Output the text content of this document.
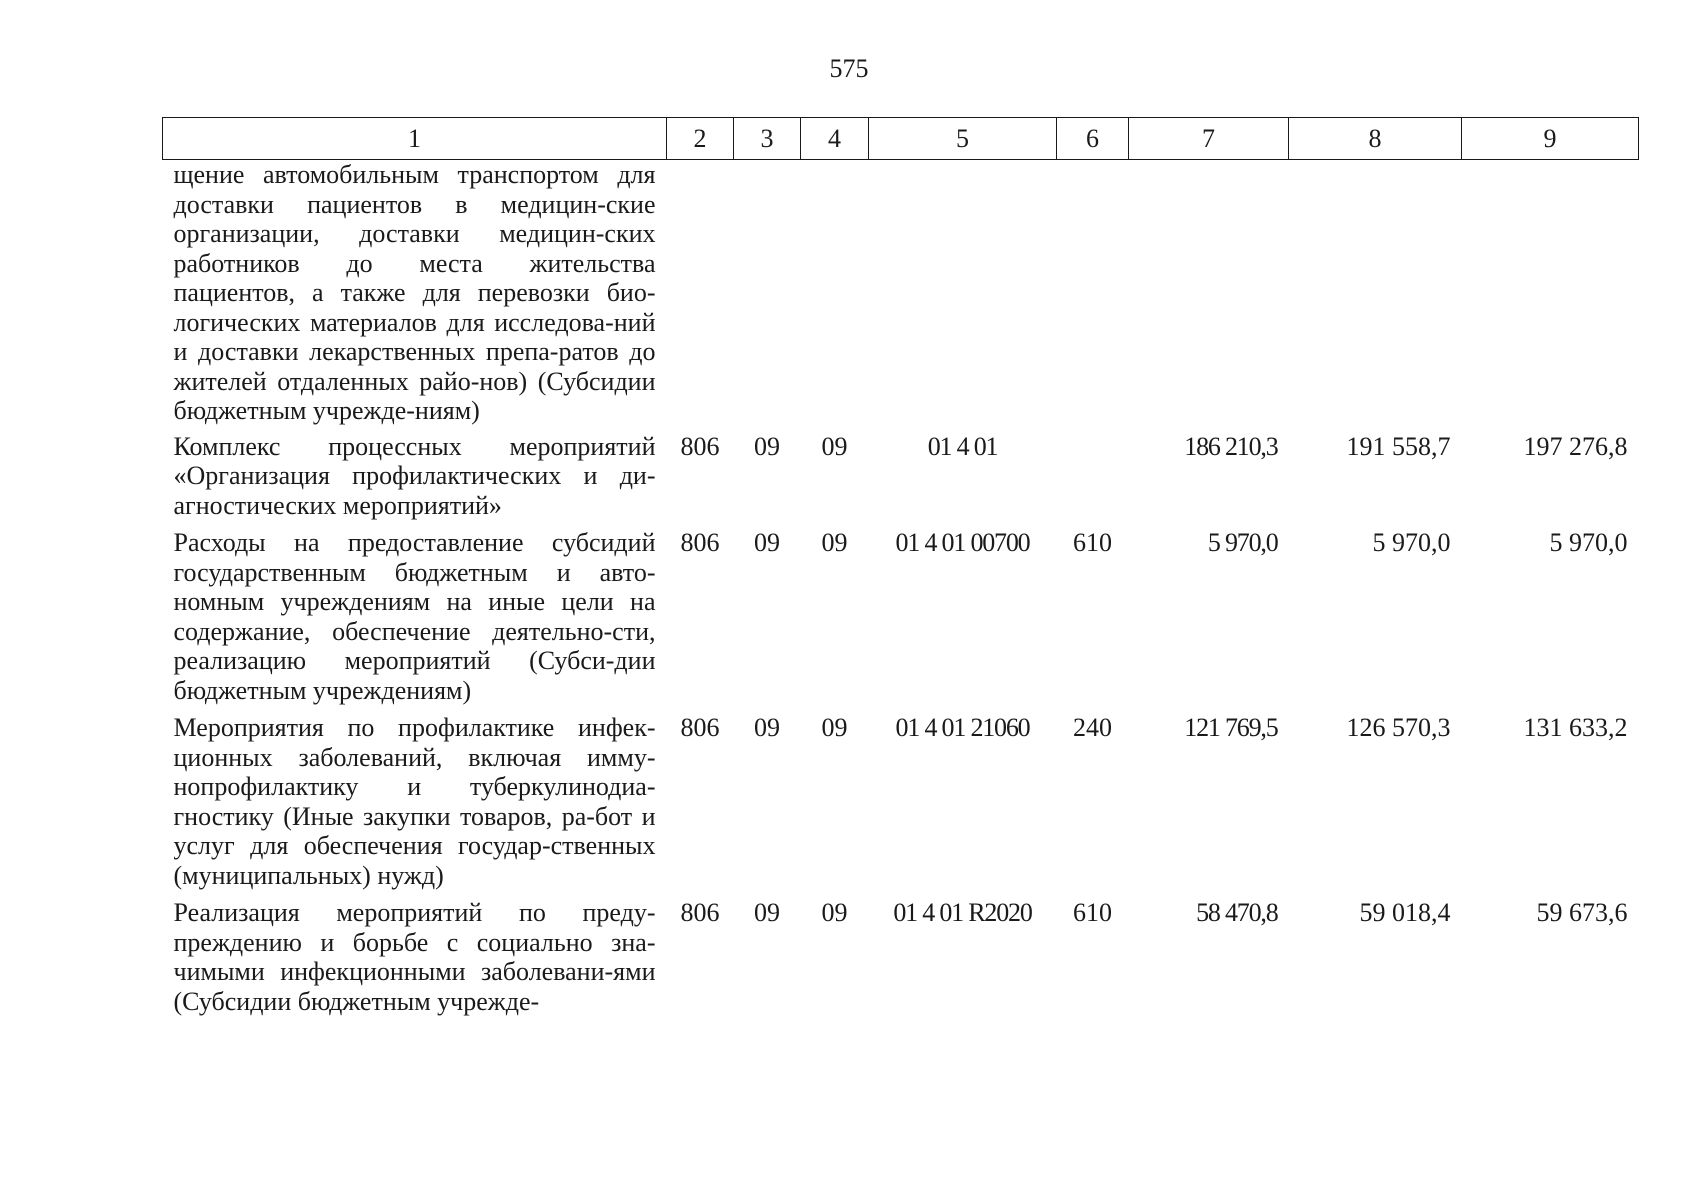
575
1	2	3	4	5	6	7	8	9
щение автомобильным транспортом для доставки пациентов в медицин-ские организации, доставки медицин-ских работников до места жительства пациентов, а также для перевозки био-логических материалов для исследова-ний и доставки лекарственных препа-ратов до жителей отдаленных райо-нов) (Субсидии бюджетным учрежде-ниям)								
Комплекс процессных мероприятий «Организация профилактических и ди-агностических мероприятий»	806	09	09	01 4 01		186 210,3	191 558,7	197 276,8
Расходы на предоставление субсидий государственным бюджетным и авто-номным учреждениям на иные цели на содержание, обеспечение деятельно-сти, реализацию мероприятий (Субси-дии бюджетным учреждениям)	806	09	09	01 4 01 00700	610	5 970,0	5 970,0	5 970,0
Мероприятия по профилактике инфек-ционных заболеваний, включая имму-нопрофилактику и туберкулинодиа-гностику (Иные закупки товаров, ра-бот и услуг для обеспечения государ-ственных (муниципальных) нужд)	806	09	09	01 4 01 21060	240	121 769,5	126 570,3	131 633,2
Реализация мероприятий по преду-преждению и борьбе с социально зна-чимыми инфекционными заболевани-ями (Субсидии бюджетным учрежде-	806	09	09	01 4 01 R2020	610	58 470,8	59 018,4	59 673,6
